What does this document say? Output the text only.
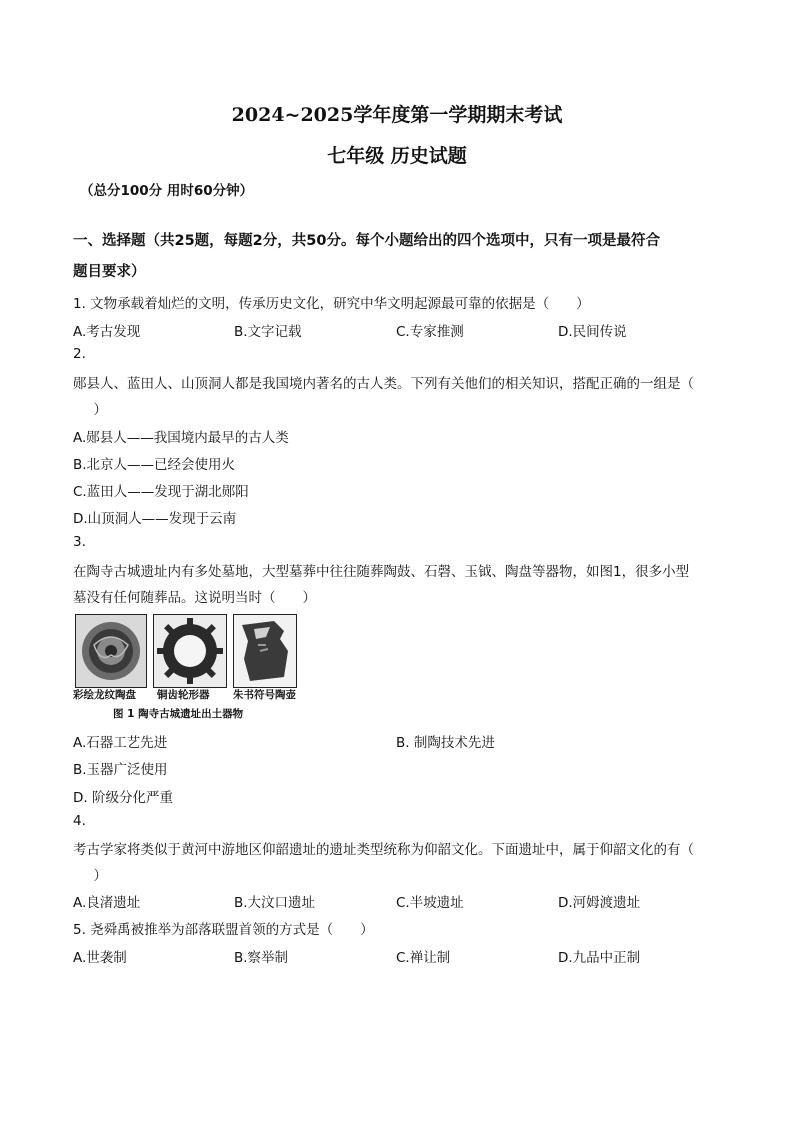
2024~2025学年度第一学期期末考试
七年级 历史试题
（总分100分 用时60分钟）
一、选择题（共25题，每题2分，共50分。每个小题给出的四个选项中，只有一项是最符合
题目要求）
1. 文物承载着灿烂的文明，传承历史文化，研究中华文明起源最可靠的依据是（　　）
A.考古发现	B.文字记载	C.专家推测	D.民间传说
2.
郧县人、蓝田人、山顶洞人都是我国境内著名的古人类。下列有关他们的相关知识，搭配正确的一组是（
　）
A.郧县人——我国境内最早的古人类
B.北京人——已经会使用火
C.蓝田人——发现于湖北郧阳
D.山顶洞人——发现于云南
3.
在陶寺古城遗址内有多处墓地，大型墓葬中往往随葬陶鼓、石磬、玉钺、陶盘等器物，如图1，很多小型
墓没有任何随葬品。这说明当时（　　）
彩绘龙纹陶盘 铜齿轮形器 朱书符号陶壶
图 1 陶寺古城遗址出土器物
A.石器工艺先进	B. 制陶技术先进
B.玉器广泛使用
D. 阶级分化严重
4.
考古学家将类似于黄河中游地区仰韶遗址的遗址类型统称为仰韶文化。下面遗址中，属于仰韶文化的有（
　）
A.良渚遗址	B.大汶口遗址	C.半坡遗址	D.河姆渡遗址
5. 尧舜禹被推举为部落联盟首领的方式是（　　）
A.世袭制	B.察举制	C.禅让制	D.九品中正制
